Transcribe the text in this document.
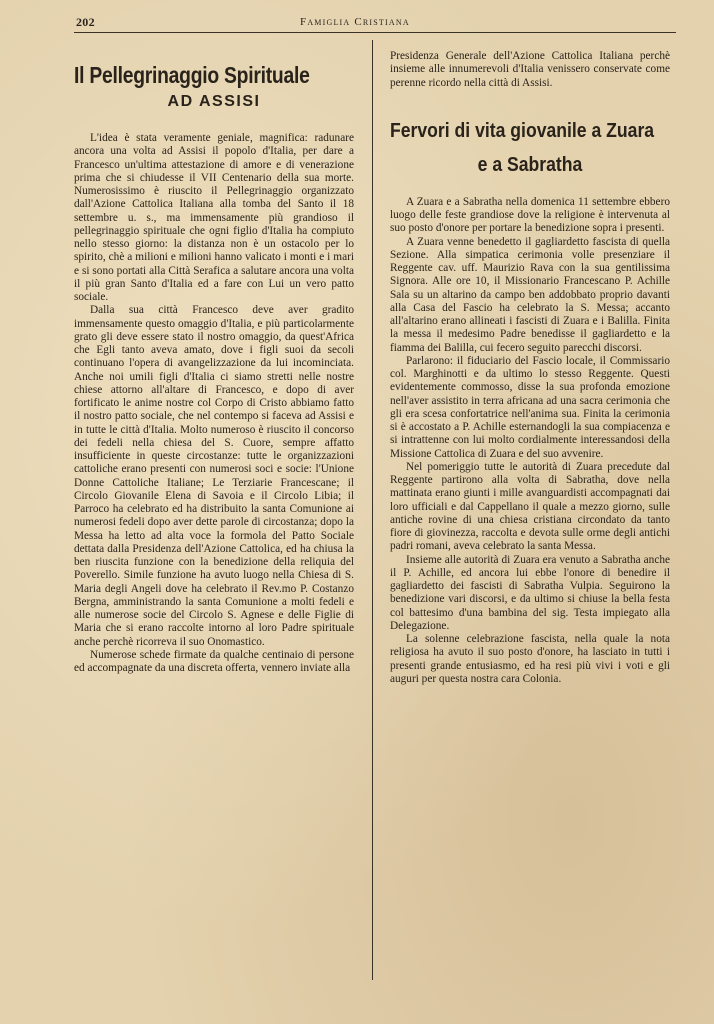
202	Famiglia Cristiana
Il Pellegrinaggio Spirituale
AD ASSISI

L'idea è stata veramente geniale, magnifica: radunare ancora una volta ad Assisi il popolo d'Italia, per dare a Francesco un'ultima attestazione di amore e di venerazione prima che si chiudesse il VII Centenario della sua morte. Numerosissimo è riuscito il Pellegrinaggio organizzato dall'Azione Cattolica Italiana alla tomba del Santo il 18 settembre u. s., ma immensamente più grandioso il pellegrinaggio spirituale che ogni figlio d'Italia ha compiuto nello stesso giorno: la distanza non è un ostacolo per lo spirito, chè a milioni e milioni hanno valicato i monti e i mari e si sono portati alla Città Serafica a salutare ancora una volta il più gran Santo d'Italia ed a fare con Lui un vero patto sociale.

Dalla sua città Francesco deve aver gradito immensamente questo omaggio d'Italia, e più particolarmente grato gli deve essere stato il nostro omaggio, da quest'Africa che Egli tanto aveva amato, dove i figli suoi da secoli continuano l'opera di avangelizzazione da lui incominciata. Anche noi umili figli d'Italia ci siamo stretti nelle nostre chiese attorno all'altare di Francesco, e dopo di aver fortificato le anime nostre col Corpo di Cristo abbiamo fatto il nostro patto sociale, che nel contempo si faceva ad Assisi e in tutte le città d'Italia. Molto numeroso è riuscito il concorso dei fedeli nella chiesa del S. Cuore, sempre affatto insufficiente in queste circostanze: tutte le organizzazioni cattoliche erano presenti con numerosi soci e socie: l'Unione Donne Cattoliche Italiane; Le Terziarie Francescane; il Circolo Giovanile Elena di Savoia e il Circolo Libia; il Parroco ha celebrato ed ha distribuito la santa Comunione ai numerosi fedeli dopo aver dette parole di circostanza; dopo la Messa ha letto ad alta voce la formola del Patto Sociale dettata dalla Presidenza dell'Azione Cattolica, ed ha chiusa la ben riuscita funzione con la benedizione della reliquia del Poverello. Simile funzione ha avuto luogo nella Chiesa di S. Maria degli Angeli dove ha celebrato il Rev.mo P. Costanzo Bergna, amministrando la santa Comunione a molti fedeli e alle numerose socie del Circolo S. Agnese e delle Figlie di Maria che si erano raccolte intorno al loro Padre spirituale anche perchè ricorreva il suo Onomastico.

Numerose schede firmate da qualche centinaio di persone ed accompagnate da una discreta offerta, vennero inviate alla

Presidenza Generale dell'Azione Cattolica Italiana perchè insieme alle innumerevoli d'Italia venissero conservate come perenne ricordo nella città di Assisi.

Fervori di vita giovanile a Zuara
e a Sabratha

A Zuara e a Sabratha nella domenica 11 settembre ebbero luogo delle feste grandiose dove la religione è intervenuta al suo posto d'onore per portare la benedizione sopra i presenti.

A Zuara venne benedetto il gagliardetto fascista di quella Sezione. Alla simpatica cerimonia volle presenziare il Reggente cav. uff. Maurizio Rava con la sua gentilissima Signora. Alle ore 10, il Missionario Francescano P. Achille Sala su un altarino da campo ben addobbato proprio davanti alla Casa del Fascio ha celebrato la S. Messa; accanto all'altarino erano allineati i fascisti di Zuara e i Balilla. Finita la messa il medesimo Padre benedisse il gagliardetto e la fiamma dei Balilla, cui fecero seguito parecchi discorsi.

Parlarono: il fiduciario del Fascio locale, il Commissario col. Marghinotti e da ultimo lo stesso Reggente. Questi evidentemente commosso, disse la sua profonda emozione nell'aver assistito in terra africana ad una sacra cerimonia che gli era scesa confortatrice nell'anima sua. Finita la cerimonia si è accostato a P. Achille esternandogli la sua compiacenza e si intrattenne con lui molto cordialmente interessandosi della Missione Cattolica di Zuara e del suo avvenire.

Nel pomeriggio tutte le autorità di Zuara precedute dal Reggente partirono alla volta di Sabratha, dove nella mattinata erano giunti i mille avanguardisti accompagnati dai loro ufficiali e dal Cappellano il quale a mezzo giorno, sulle antiche rovine di una chiesa cristiana circondato da tanto fiore di giovinezza, raccolta e devota sulle orme degli antichi padri romani, aveva celebrato la santa Messa.

Insieme alle autorità di Zuara era venuto a Sabratha anche il P. Achille, ed ancora lui ebbe l'onore di benedire il gagliardetto dei fascisti di Sabratha Vulpia. Seguirono la benedizione vari discorsi, e da ultimo si chiuse la bella festa col battesimo d'una bambina del sig. Testa impiegato alla Delegazione.

La solenne celebrazione fascista, nella quale la nota religiosa ha avuto il suo posto d'onore, ha lasciato in tutti i presenti grande entusiasmo, ed ha resi più vivi i voti e gli auguri per questa nostra cara Colonia.
